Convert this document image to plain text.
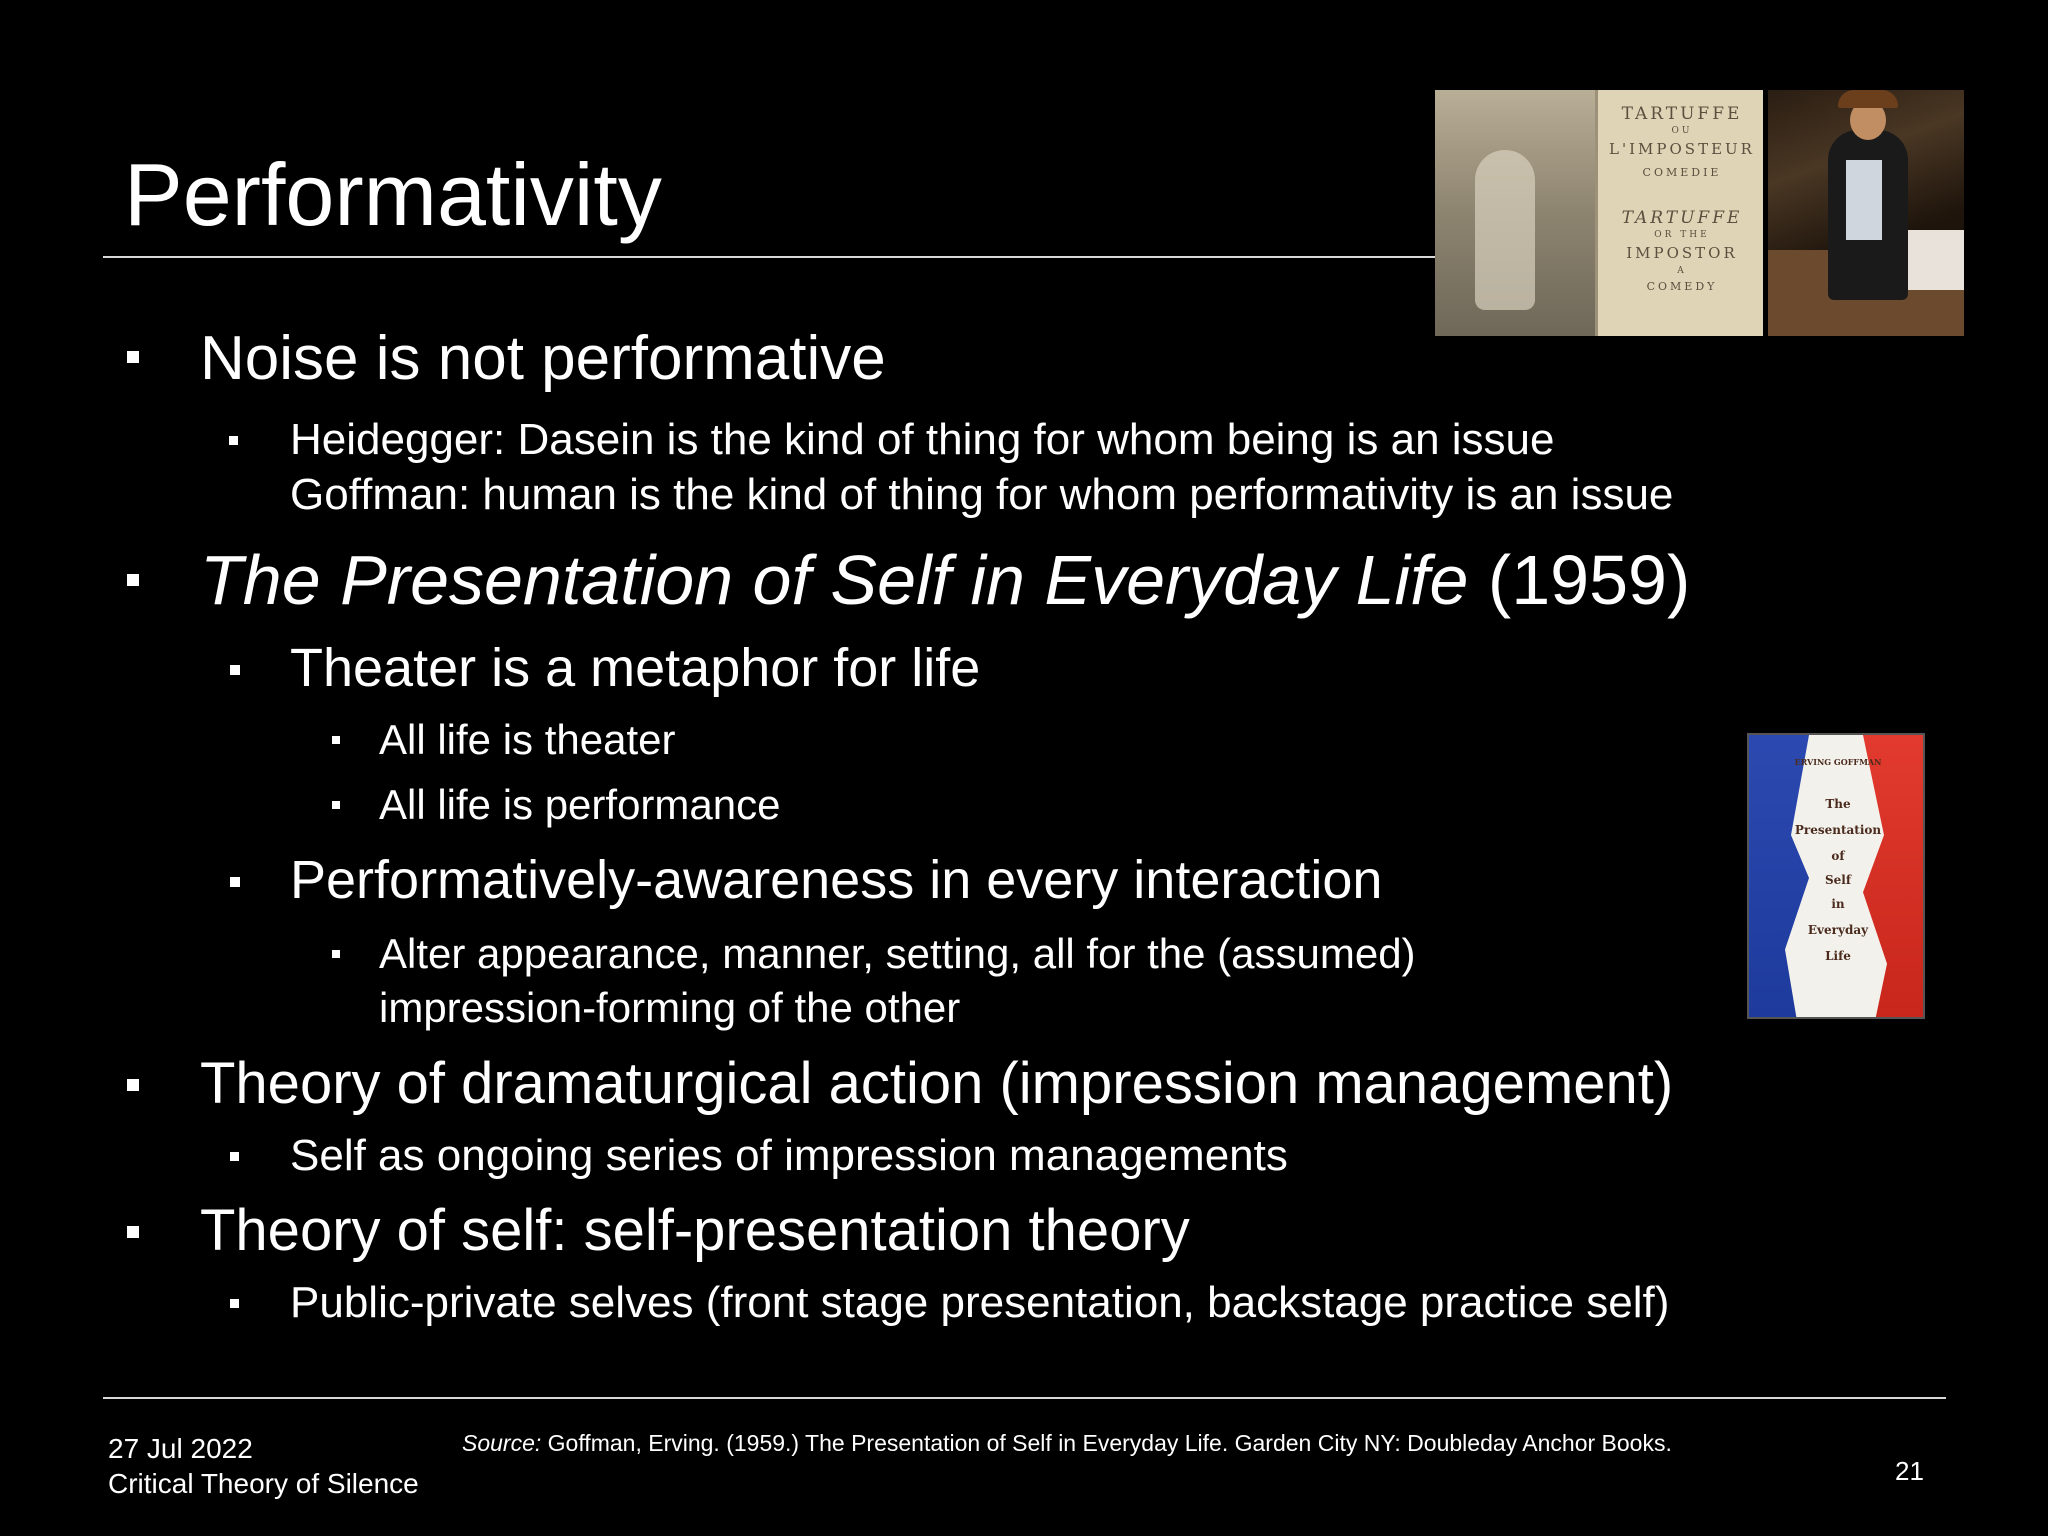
Performativity
TARTUFFE
OU
L'IMPOSTEUR
COMEDIE
TARTUFFE
OR THE
IMPOSTOR
A
COMEDY
ERVING GOFFMAN
The
Presentation
of
Self
in
Everyday
Life
Noise is not performative
Heidegger: Dasein is the kind of thing for whom being is an issue
Goffman: human is the kind of thing for whom performativity is an issue
The Presentation of Self in Everyday Life (1959)
Theater is a metaphor for life
All life is theater
All life is performance
Performatively-awareness in every interaction
Alter appearance, manner, setting, all for the (assumed)
impression-forming of the other
Theory of dramaturgical action (impression management)
Self as ongoing series of impression managements
Theory of self: self-presentation theory
Public-private selves (front stage presentation, backstage practice self)
27 Jul 2022
Critical Theory of Silence
Source: Goffman, Erving. (1959.) The Presentation of Self in Everyday Life. Garden City NY: Doubleday Anchor Books.
21
